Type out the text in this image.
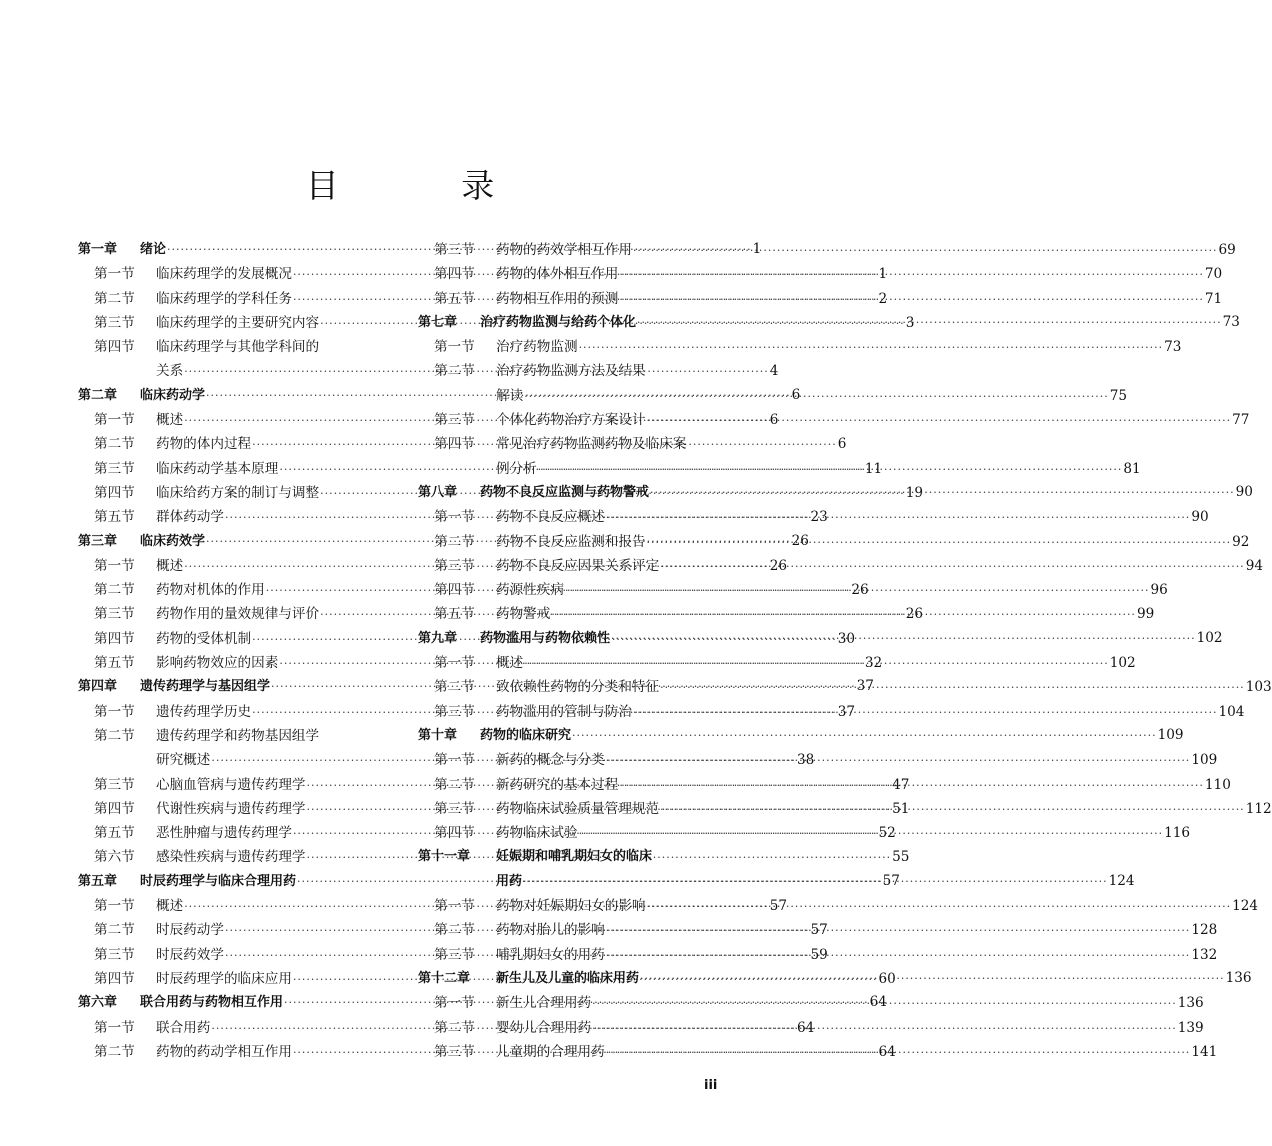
目 录
第一章	绪论 ·····	1
第一节	临床药理学的发展概况 ·····	1
第二节	临床药理学的学科任务 ·····	2
第三节	临床药理学的主要研究内容 ·····	3
第四节	临床药理学与其他学科间的
关系 ·····	4
第二章	临床药动学 ·····	6
第一节	概述 ·····	6
第二节	药物的体内过程 ·····	6
第三节	临床药动学基本原理 ·····	11
第四节	临床给药方案的制订与调整 ·····	19
第五节	群体药动学 ·····	23
第三章	临床药效学 ·····	26
第一节	概述 ·····	26
第二节	药物对机体的作用 ·····	26
第三节	药物作用的量效规律与评价 ·····	26
第四节	药物的受体机制 ·····	30
第五节	影响药物效应的因素 ·····	32
第四章	遗传药理学与基因组学 ·····	37
第一节	遗传药理学历史 ·····	37
第二节	遗传药理学和药物基因组学
研究概述 ·····	38
第三节	心脑血管病与遗传药理学 ·····	47
第四节	代谢性疾病与遗传药理学 ·····	51
第五节	恶性肿瘤与遗传药理学 ·····	52
第六节	感染性疾病与遗传药理学 ·····	55
第五章	时辰药理学与临床合理用药 ·····	57
第一节	概述 ·····	57
第二节	时辰药动学 ·····	57
第三节	时辰药效学 ·····	59
第四节	时辰药理学的临床应用 ·····	60
第六章	联合用药与药物相互作用 ·····	64
第一节	联合用药 ·····	64
第二节	药物的药动学相互作用 ·····	64
第三节	药物的药效学相互作用 ·····	69
第四节	药物的体外相互作用 ·····	70
第五节	药物相互作用的预测 ·····	71
第七章	治疗药物监测与给药个体化 ·····	73
第一节	治疗药物监测 ·····	73
第二节	治疗药物监测方法及结果
解读 ·····	75
第三节	个体化药物治疗方案设计 ·····	77
第四节	常见治疗药物监测药物及临床案
例分析 ·····	81
第八章	药物不良反应监测与药物警戒 ·····	90
第一节	药物不良反应概述 ·····	90
第二节	药物不良反应监测和报告 ·····	92
第三节	药物不良反应因果关系评定 ·····	94
第四节	药源性疾病 ·····	96
第五节	药物警戒 ·····	99
第九章	药物滥用与药物依赖性 ·····	102
第一节	概述 ·····	102
第二节	致依赖性药物的分类和特征 ·····	103
第三节	药物滥用的管制与防治 ·····	104
第十章	药物的临床研究 ·····	109
第一节	新药的概念与分类 ·····	109
第二节	新药研究的基本过程 ·····	110
第三节	药物临床试验质量管理规范 ·····	112
第四节	药物临床试验 ·····	116
第十一章	妊娠期和哺乳期妇女的临床
用药 ·····	124
第一节	药物对妊娠期妇女的影响 ·····	124
第二节	药物对胎儿的影响 ·····	128
第三节	哺乳期妇女的用药 ·····	132
第十二章	新生儿及儿童的临床用药 ·····	136
第一节	新生儿合理用药 ·····	136
第二节	婴幼儿合理用药 ·····	139
第三节	儿童期的合理用药 ·····	141
iii
